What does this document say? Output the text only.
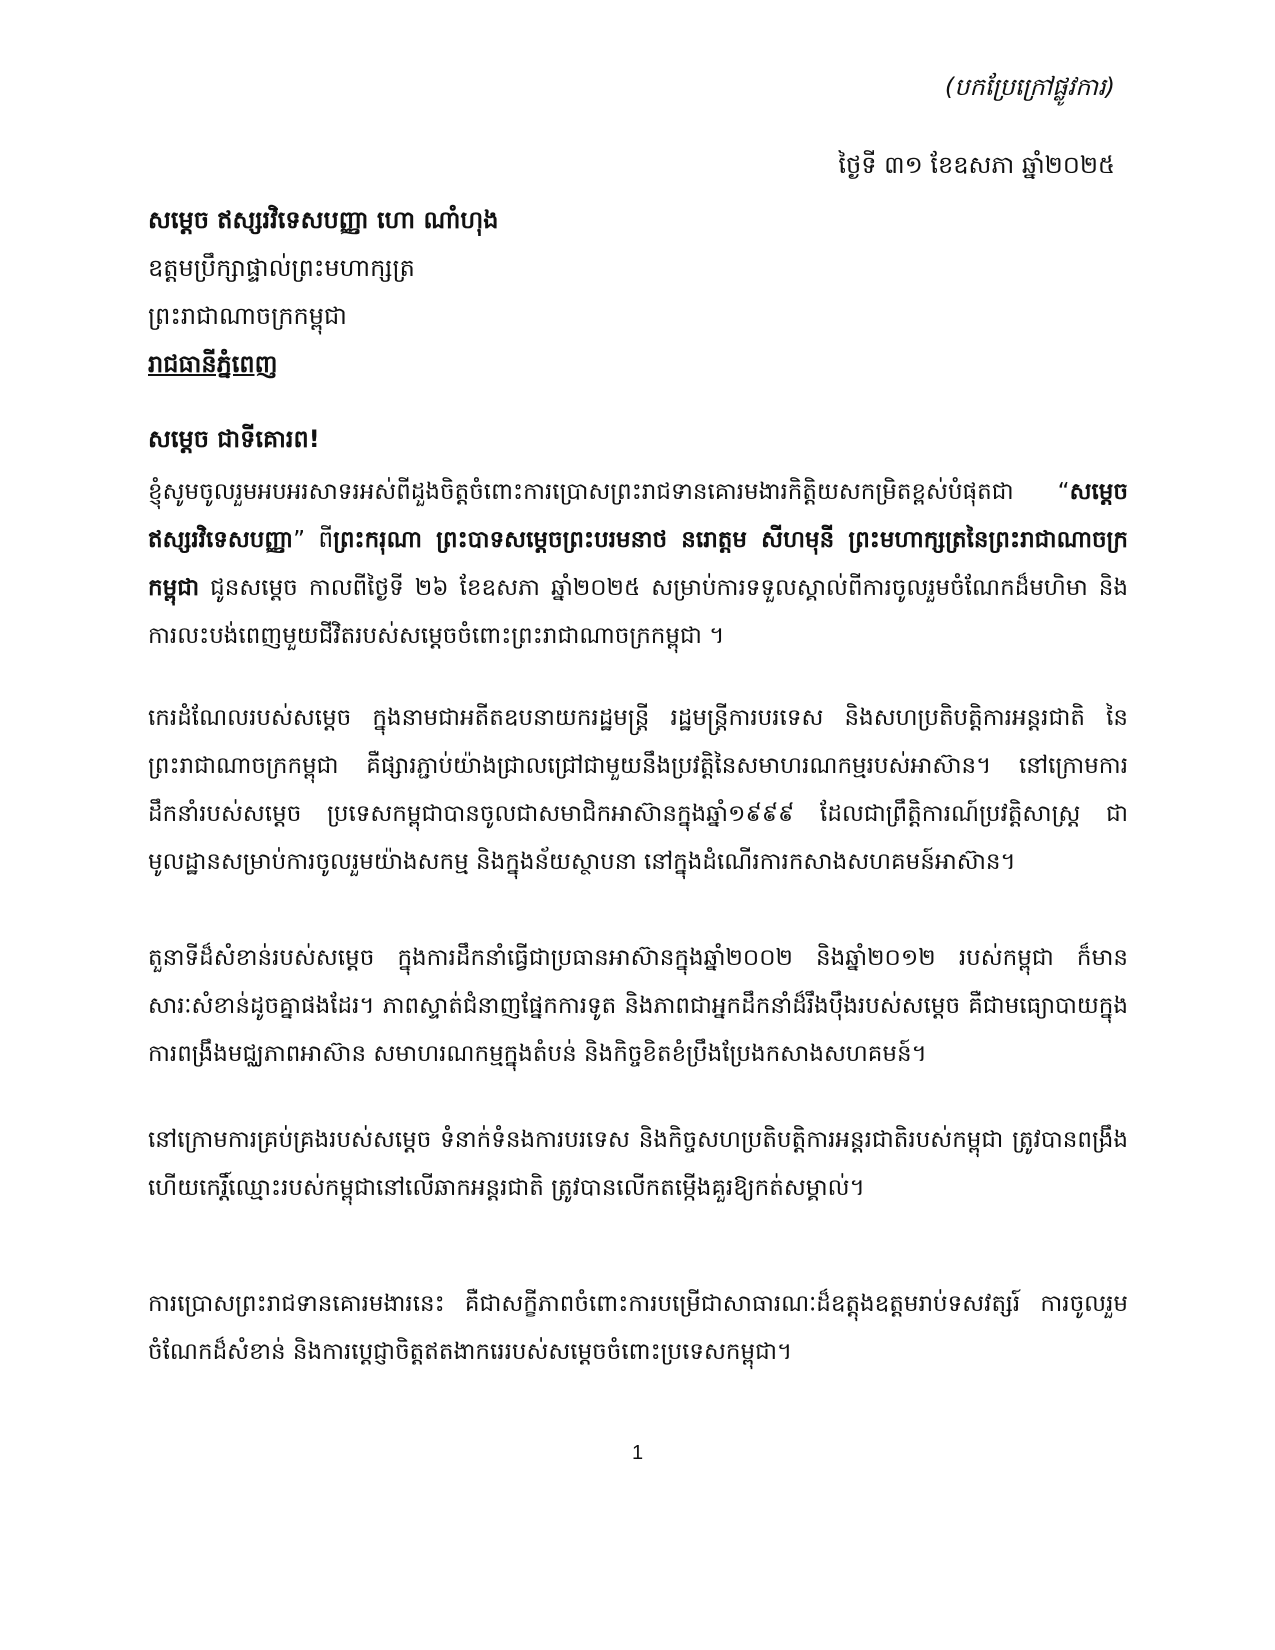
(បកប្រែក្រៅផ្លូវការ)
ថ្ងៃទី ៣១ ខែឧសភា ឆ្នាំ២០២៥
សម្ដេច ឥស្សរវិទេសបញ្ញា ហោ ណាំហុង
ឧត្តមប្រឹក្សាផ្ទាល់ព្រះមហាក្សត្រ
ព្រះរាជាណាចក្រកម្ពុជា
រាជធានីភ្នំពេញ
សម្តេច ជាទីគោរព!
ខ្ញុំសូមចូលរួមអបអរសាទរអស់ពីដួងចិត្តចំពោះការប្រោសព្រះរាជទានគោរមងារកិត្តិយសកម្រិតខ្ពស់បំផុតជា “សម្តេច ឥស្សរវិទេសបញ្ញា” ពីព្រះករុណា ព្រះបាទសម្តេចព្រះបរមនាថ នរោត្តម សីហមុនី ព្រះមហាក្សត្រនៃព្រះរាជាណាចក្រកម្ពុជា ជូនសម្តេច កាលពីថ្ងៃទី ២៦ ខែឧសភា ឆ្នាំ២០២៥ សម្រាប់ការទទួលស្គាល់ពីការចូលរួមចំណែកដ៏មហិមា និងការលះបង់ពេញមួយជីវិតរបស់សម្តេចចំពោះព្រះរាជាណាចក្រកម្ពុជា ។
កេរដំណែលរបស់សម្តេច ក្នុងនាមជាអតីតឧបនាយករដ្ឋមន្ត្រី រដ្ឋមន្ត្រីការបរទេស និងសហប្រតិបត្តិការអន្តរជាតិ នៃព្រះរាជាណាចក្រកម្ពុជា គឺផ្សារភ្ជាប់យ៉ាងជ្រាលជ្រៅជាមួយនឹងប្រវត្តិនៃសមាហរណកម្មរបស់អាស៊ាន។ នៅក្រោមការដឹកនាំរបស់សម្តេច ប្រទេសកម្ពុជាបានចូលជាសមាជិកអាស៊ានក្នុងឆ្នាំ១៩៩៩ ដែលជាព្រឹត្តិការណ៍ប្រវត្តិសាស្រ្ត ជាមូលដ្ឋានសម្រាប់ការចូលរួមយ៉ាងសកម្ម និងក្នុងន័យស្ថាបនា នៅក្នុងដំណើរការកសាងសហគមន៍អាស៊ាន។
តួនាទីដ៏សំខាន់របស់សម្តេច ក្នុងការដឹកនាំធ្វើជាប្រធានអាស៊ានក្នុងឆ្នាំ២០០២ និងឆ្នាំ២០១២ របស់កម្ពុជា ក៏មានសារៈសំខាន់ដូចគ្នាផងដែរ។ ភាពស្ទាត់ជំនាញផ្នែកការទូត និងភាពជាអ្នកដឹកនាំដ៏រឹងប៉ឹងរបស់សម្តេច គឺជាមធ្យោបាយក្នុងការពង្រឹងមជ្ឈភាពអាស៊ាន សមាហរណកម្មក្នុងតំបន់ និងកិច្ចខិតខំប្រឹងប្រែងកសាងសហគមន៍។
នៅក្រោមការគ្រប់គ្រងរបស់សម្តេច ទំនាក់ទំនងការបរទេស និងកិច្ចសហប្រតិបត្តិការអន្តរជាតិរបស់កម្ពុជា ត្រូវបានពង្រឹង ហើយកេរ្តិ៍ឈ្មោះរបស់កម្ពុជានៅលើឆាកអន្តរជាតិ ត្រូវបានលើកតម្កើងគួរឱ្យកត់សម្គាល់។
ការប្រោសព្រះរាជទានគោរមងារនេះ គឺជាសក្ខីភាពចំពោះការបម្រើជាសាធារណៈដ៏ឧត្តុងឧត្តមរាប់ទសវត្សរ៍ ការចូលរួមចំណែកដ៏សំខាន់ និងការប្តេជ្ញាចិត្តឥតងាករេរបស់សម្តេចចំពោះប្រទេសកម្ពុជា។
1
